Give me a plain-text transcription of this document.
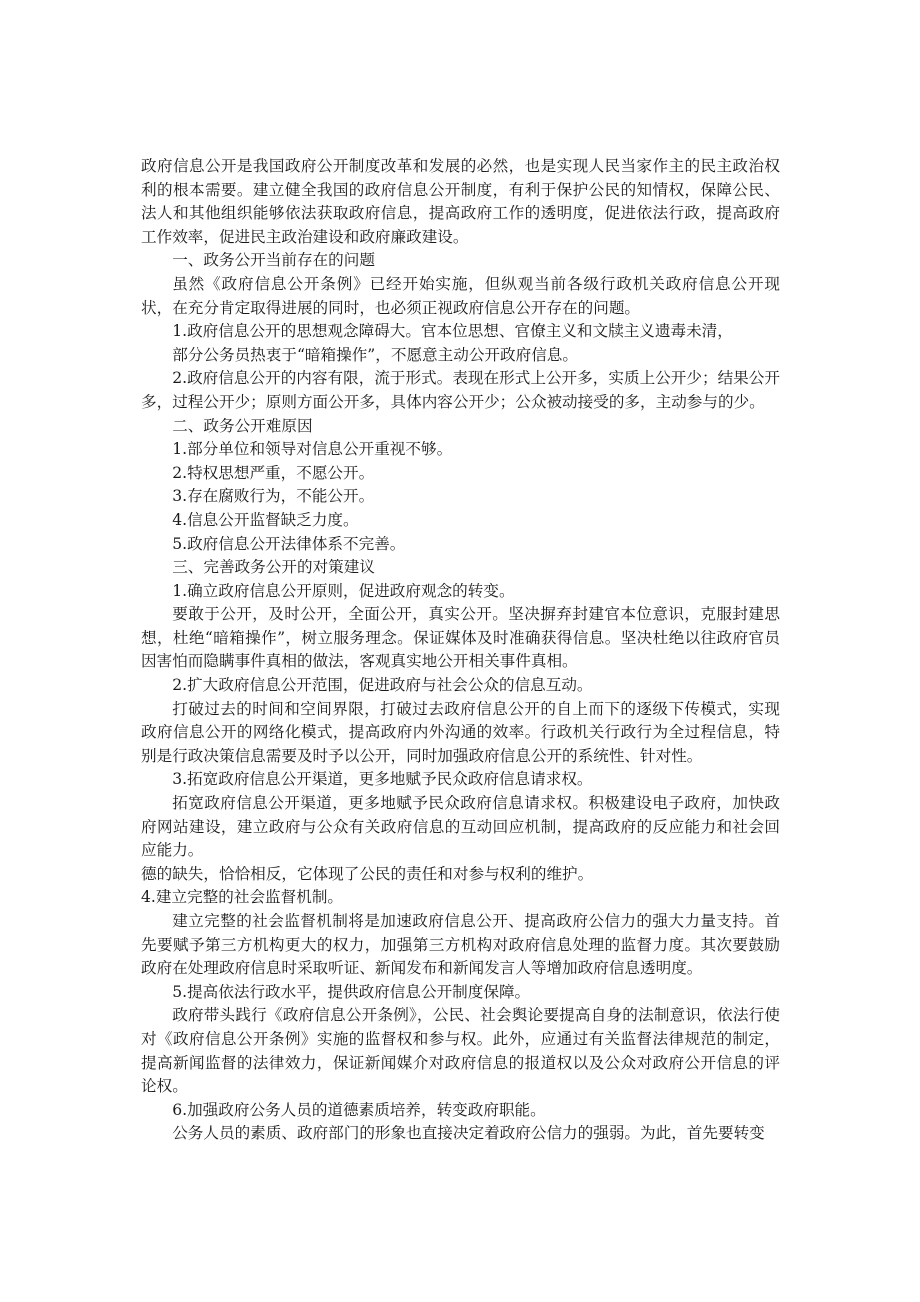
政府信息公开是我国政府公开制度改革和发展的必然，也是实现人民当家作主的民主政治权利的根本需要。建立健全我国的政府信息公开制度，有利于保护公民的知情权，保障公民、法人和其他组织能够依法获取政府信息，提高政府工作的透明度，促进依法行政，提高政府工作效率，促进民主政治建设和政府廉政建设。

一、政务公开当前存在的问题

虽然《政府信息公开条例》已经开始实施，但纵观当前各级行政机关政府信息公开现状，在充分肯定取得进展的同时，也必须正视政府信息公开存在的问题。

1.政府信息公开的思想观念障碍大。官本位思想、官僚主义和文牍主义遗毒未清，

部分公务员热衷于“暗箱操作”，不愿意主动公开政府信息。

2.政府信息公开的内容有限，流于形式。表现在形式上公开多，实质上公开少；结果公开多，过程公开少；原则方面公开多，具体内容公开少；公众被动接受的多，主动参与的少。

二、政务公开难原因

1.部分单位和领导对信息公开重视不够。

2.特权思想严重，不愿公开。

3.存在腐败行为，不能公开。

4.信息公开监督缺乏力度。

5.政府信息公开法律体系不完善。

三、完善政务公开的对策建议

1.确立政府信息公开原则，促进政府观念的转变。

要敢于公开，及时公开，全面公开，真实公开。坚决摒弃封建官本位意识，克服封建思想，杜绝“暗箱操作”，树立服务理念。保证媒体及时准确获得信息。坚决杜绝以往政府官员因害怕而隐瞒事件真相的做法，客观真实地公开相关事件真相。

2.扩大政府信息公开范围，促进政府与社会公众的信息互动。

打破过去的时间和空间界限，打破过去政府信息公开的自上而下的逐级下传模式，实现政府信息公开的网络化模式，提高政府内外沟通的效率。行政机关行政行为全过程信息，特别是行政决策信息需要及时予以公开，同时加强政府信息公开的系统性、针对性。

3.拓宽政府信息公开渠道，更多地赋予民众政府信息请求权。

拓宽政府信息公开渠道，更多地赋予民众政府信息请求权。积极建设电子政府，加快政府网站建设，建立政府与公众有关政府信息的互动回应机制，提高政府的反应能力和社会回应能力。

德的缺失，恰恰相反，它体现了公民的责任和对参与权利的维护。

4.建立完整的社会监督机制。

建立完整的社会监督机制将是加速政府信息公开、提高政府公信力的强大力量支持。首先要赋予第三方机构更大的权力，加强第三方机构对政府信息处理的监督力度。其次要鼓励政府在处理政府信息时采取听证、新闻发布和新闻发言人等增加政府信息透明度。

5.提高依法行政水平，提供政府信息公开制度保障。

政府带头践行《政府信息公开条例》，公民、社会舆论要提高自身的法制意识，依法行使对《政府信息公开条例》实施的监督权和参与权。此外，应通过有关监督法律规范的制定，提高新闻监督的法律效力，保证新闻媒介对政府信息的报道权以及公众对政府公开信息的评论权。

6.加强政府公务人员的道德素质培养，转变政府职能。

公务人员的素质、政府部门的形象也直接决定着政府公信力的强弱。为此，首先要转变
